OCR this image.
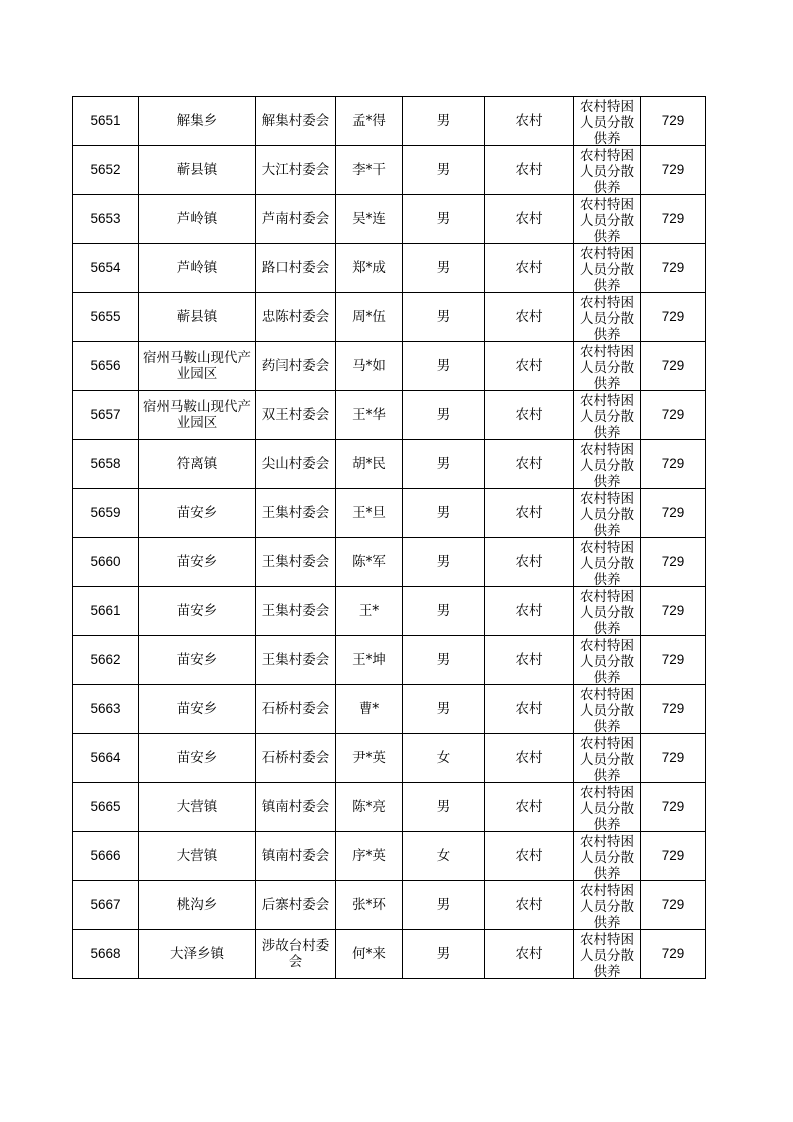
5651	解集乡	解集村委会	孟*得	男	农村	农村特困人员分散供养	729
5652	蕲县镇	大江村委会	李*干	男	农村	农村特困人员分散供养	729
5653	芦岭镇	芦南村委会	吴*连	男	农村	农村特困人员分散供养	729
5654	芦岭镇	路口村委会	郑*成	男	农村	农村特困人员分散供养	729
5655	蕲县镇	忠陈村委会	周*伍	男	农村	农村特困人员分散供养	729
5656	宿州马鞍山现代产业园区	药闫村委会	马*如	男	农村	农村特困人员分散供养	729
5657	宿州马鞍山现代产业园区	双王村委会	王*华	男	农村	农村特困人员分散供养	729
5658	符离镇	尖山村委会	胡*民	男	农村	农村特困人员分散供养	729
5659	苗安乡	王集村委会	王*旦	男	农村	农村特困人员分散供养	729
5660	苗安乡	王集村委会	陈*军	男	农村	农村特困人员分散供养	729
5661	苗安乡	王集村委会	王*	男	农村	农村特困人员分散供养	729
5662	苗安乡	王集村委会	王*坤	男	农村	农村特困人员分散供养	729
5663	苗安乡	石桥村委会	曹*	男	农村	农村特困人员分散供养	729
5664	苗安乡	石桥村委会	尹*英	女	农村	农村特困人员分散供养	729
5665	大营镇	镇南村委会	陈*亮	男	农村	农村特困人员分散供养	729
5666	大营镇	镇南村委会	序*英	女	农村	农村特困人员分散供养	729
5667	桃沟乡	后寨村委会	张*环	男	农村	农村特困人员分散供养	729
5668	大泽乡镇	涉故台村委会	何*来	男	农村	农村特困人员分散供养	729
